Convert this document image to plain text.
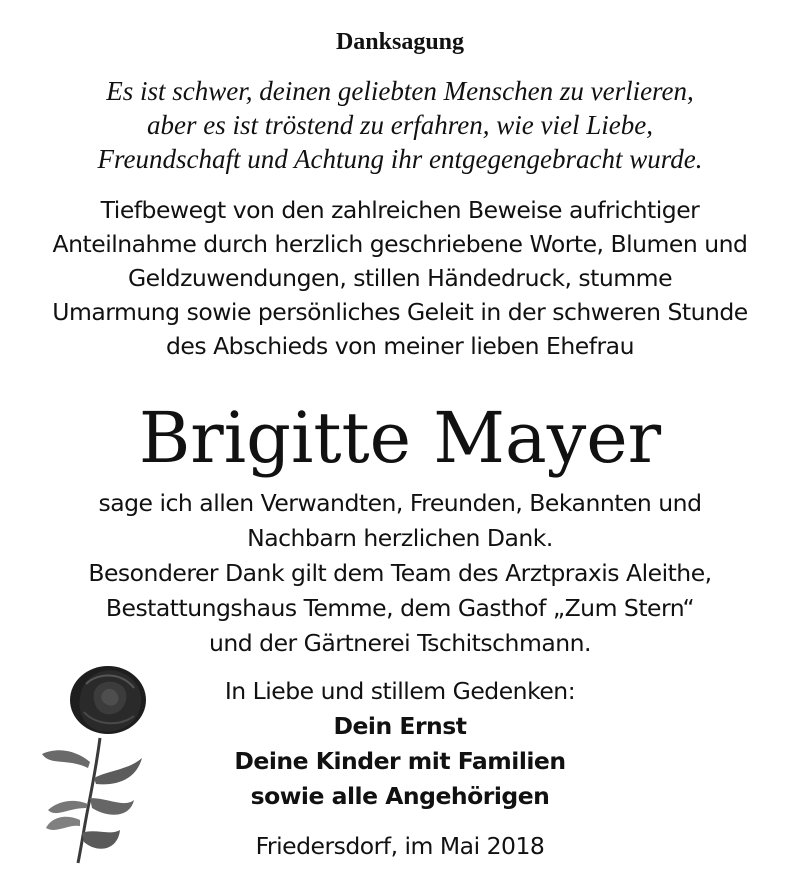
Danksagung
Es ist schwer, deinen geliebten Menschen zu verlieren,
aber es ist tröstend zu erfahren, wie viel Liebe,
Freundschaft und Achtung ihr entgegengebracht wurde.
Tiefbewegt von den zahlreichen Beweise aufrichtiger
Anteilnahme durch herzlich geschriebene Worte, Blumen und
Geldzuwendungen, stillen Händedruck, stumme
Umarmung sowie persönliches Geleit in der schweren Stunde
des Abschieds von meiner lieben Ehefrau
Brigitte Mayer
sage ich allen Verwandten, Freunden, Bekannten und
Nachbarn herzlichen Dank.
Besonderer Dank gilt dem Team des Arztpraxis Aleithe,
Bestattungshaus Temme, dem Gasthof „Zum Stern“
und der Gärtnerei Tschitschmann.
In Liebe und stillem Gedenken:
Dein Ernst
Deine Kinder mit Familien
sowie alle Angehörigen
Friedersdorf, im Mai 2018
